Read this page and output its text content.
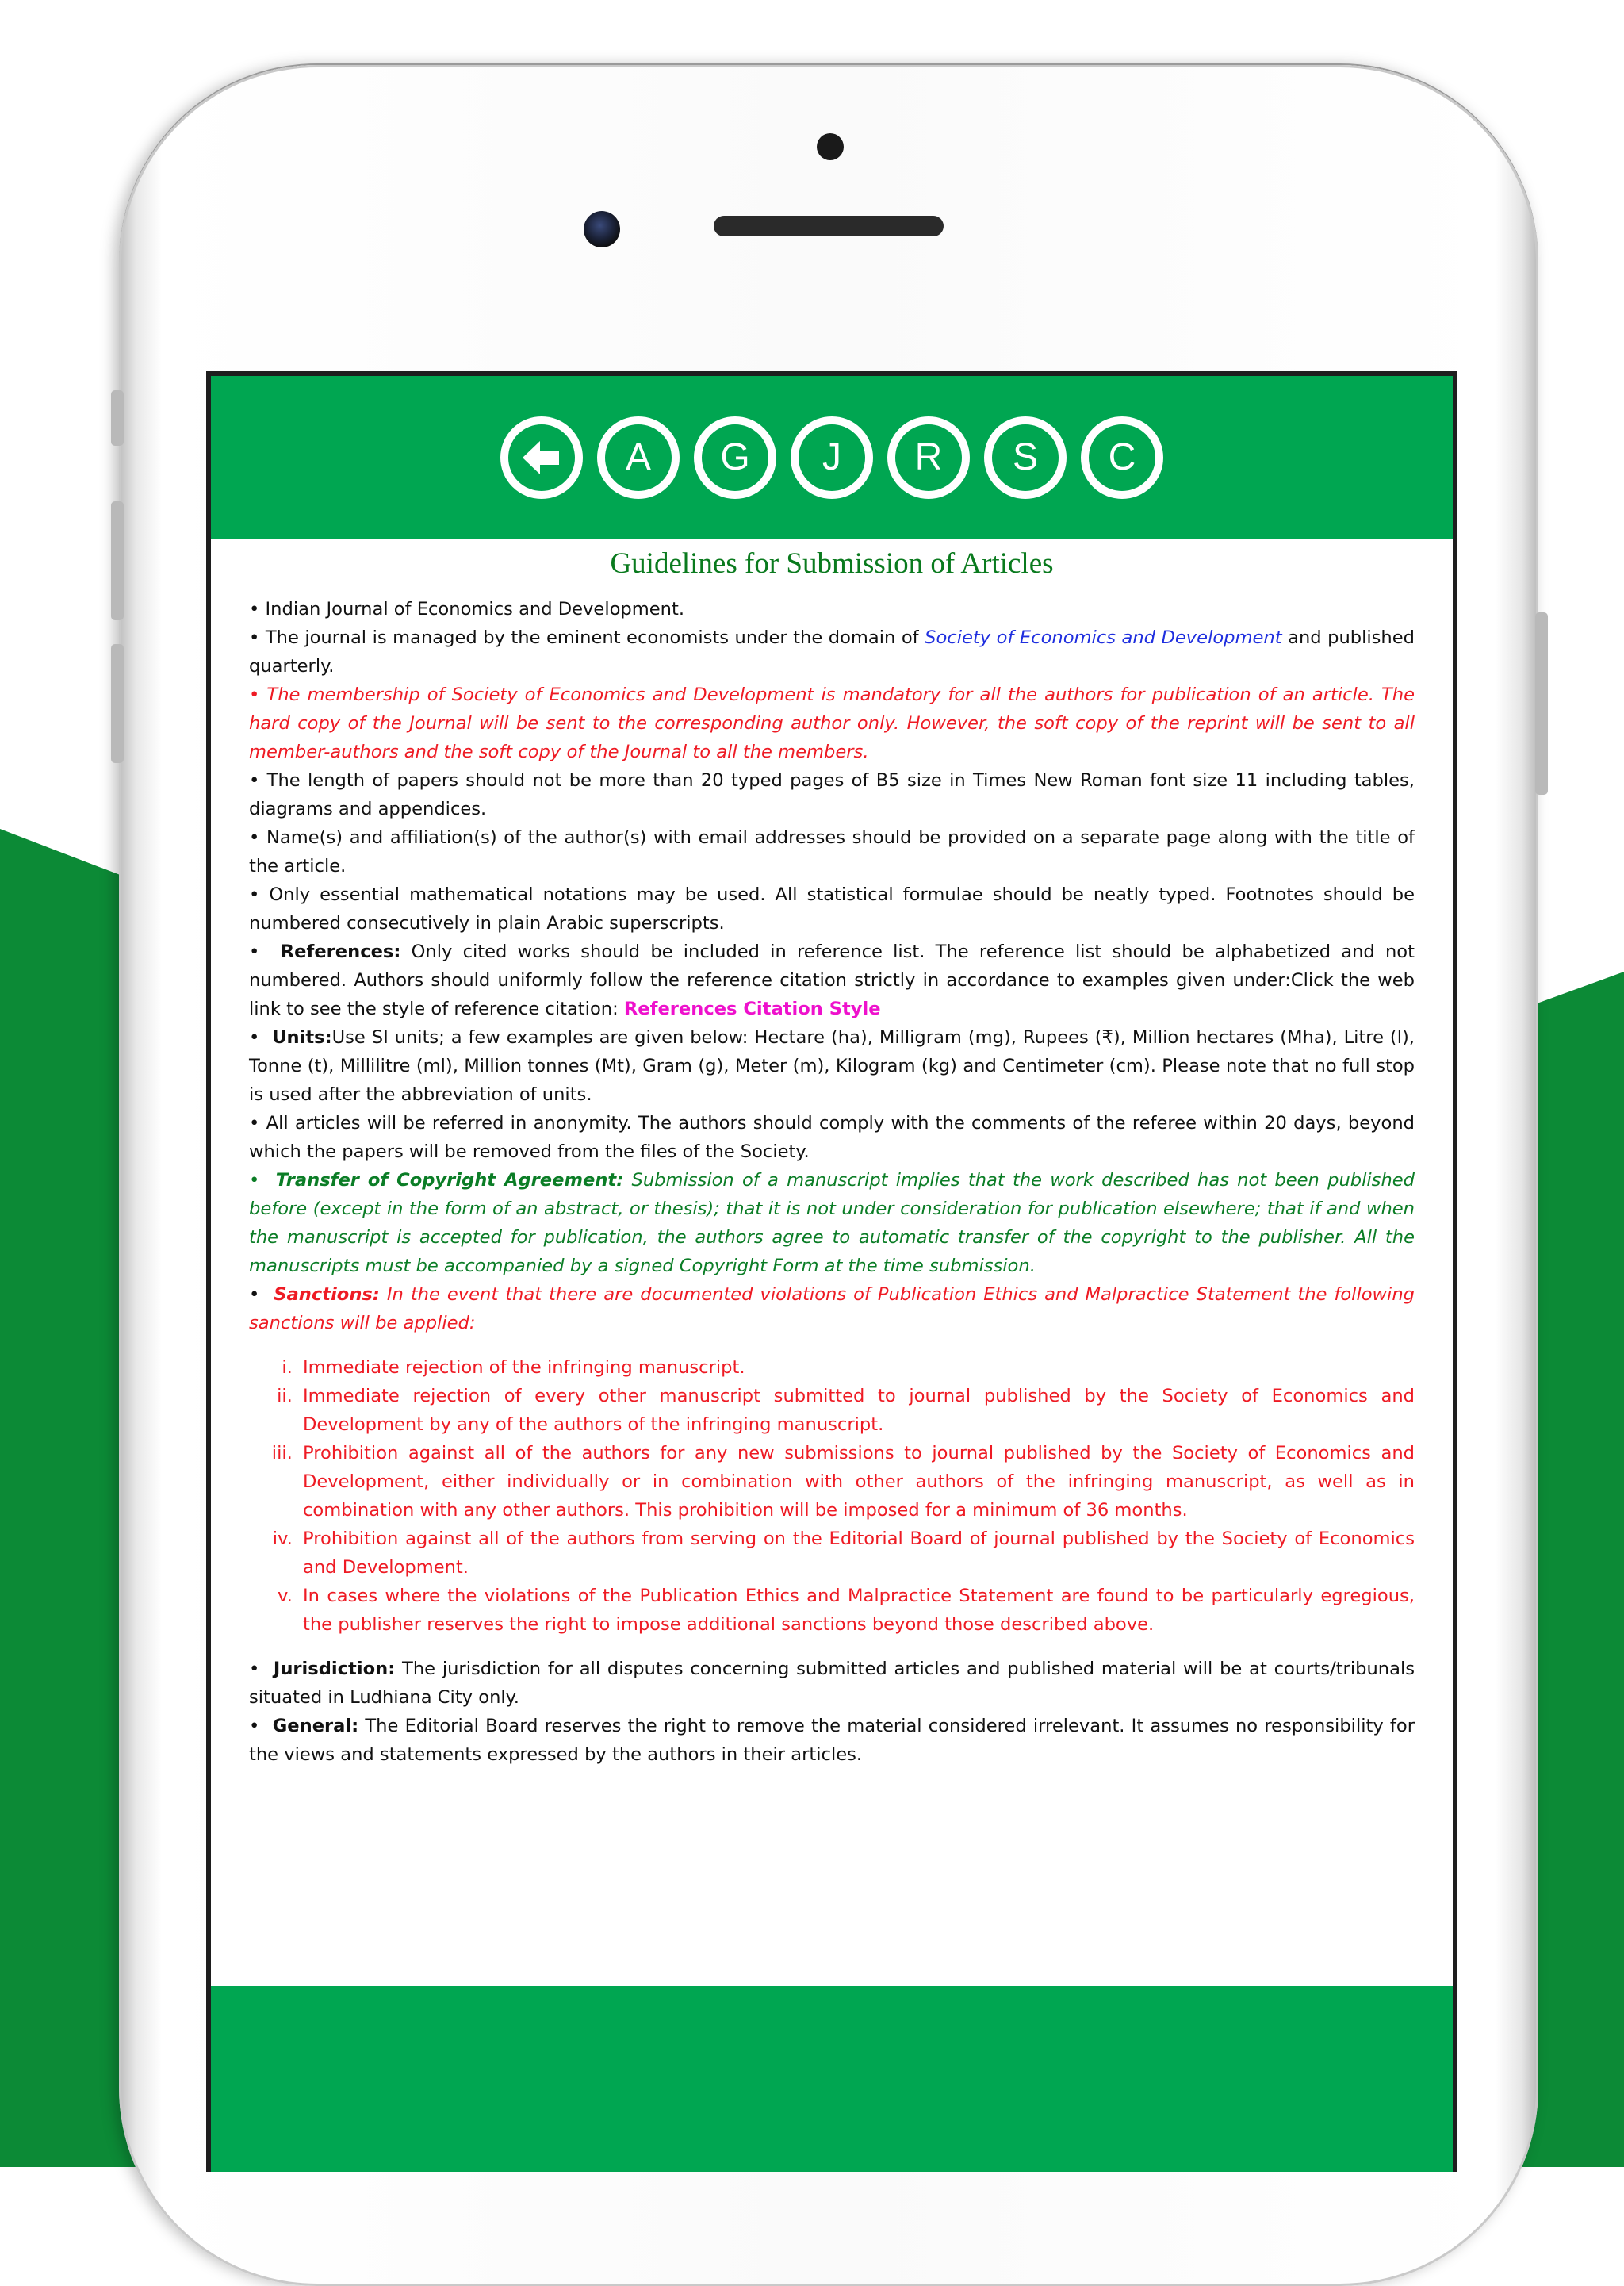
A	G	J	R	S	C
Guidelines for Submission of Articles

• Indian Journal of Economics and Development.

• The journal is managed by the eminent economists under the domain of Society of Economics and Development and published quarterly.

• The membership of Society of Economics and Development is mandatory for all the authors for publication of an article. The hard copy of the Journal will be sent to the corresponding author only. However, the soft copy of the reprint will be sent to all member-authors and the soft copy of the Journal to all the members.

• The length of papers should not be more than 20 typed pages of B5 size in Times New Roman font size 11 including tables, diagrams and appendices.

• Name(s) and affiliation(s) of the author(s) with email addresses should be provided on a separate page along with the title of the article.

• Only essential mathematical notations may be used. All statistical formulae should be neatly typed. Footnotes should be numbered consecutively in plain Arabic superscripts.

•  References: Only cited works should be included in reference list. The reference list should be alphabetized and not numbered. Authors should uniformly follow the reference citation strictly in accordance to examples given under:Click the web link to see the style of reference citation: References Citation Style

•  Units:Use SI units; a few examples are given below: Hectare (ha), Milligram (mg), Rupees (₹), Million hectares (Mha), Litre (l), Tonne (t), Millilitre (ml), Million tonnes (Mt), Gram (g), Meter (m), Kilogram (kg) and Centimeter (cm). Please note that no full stop is used after the abbreviation of units.

• All articles will be referred in anonymity. The authors should comply with the comments of the referee within 20 days, beyond which the papers will be removed from the files of the Society.

•  Transfer of Copyright Agreement: Submission of a manuscript implies that the work described has not been published before (except in the form of an abstract, or thesis); that it is not under consideration for publication elsewhere; that if and when the manuscript is accepted for publication, the authors agree to automatic transfer of the copyright to the publisher. All the manuscripts must be accompanied by a signed Copyright Form at the time submission.

•  Sanctions: In the event that there are documented violations of Publication Ethics and Malpractice Statement the following sanctions will be applied:

i. Immediate rejection of the infringing manuscript.
ii. Immediate rejection of every other manuscript submitted to journal published by the Society of Economics and Development by any of the authors of the infringing manuscript.
iii. Prohibition against all of the authors for any new submissions to journal published by the Society of Economics and Development, either individually or in combination with other authors of the infringing manuscript, as well as in combination with any other authors. This prohibition will be imposed for a minimum of 36 months.
iv. Prohibition against all of the authors from serving on the Editorial Board of journal published by the Society of Economics and Development.
v. In cases where the violations of the Publication Ethics and Malpractice Statement are found to be particularly egregious, the publisher reserves the right to impose additional sanctions beyond those described above.

•  Jurisdiction: The jurisdiction for all disputes concerning submitted articles and published material will be at courts/tribunals situated in Ludhiana City only.

•  General: The Editorial Board reserves the right to remove the material considered irrelevant. It assumes no responsibility for the views and statements expressed by the authors in their articles.
